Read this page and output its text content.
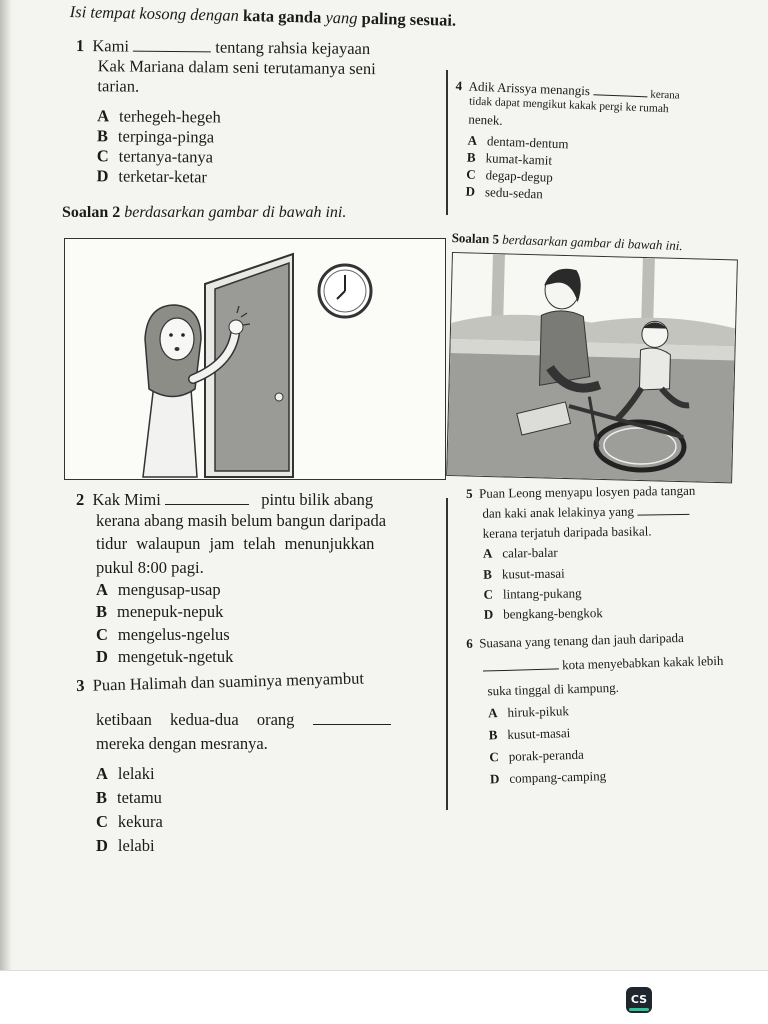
Isi tempat kosong dengan kata ganda yang paling sesuai.
1 Kami	tentang rahsia kejayaan
Kak Mariana dalam seni terutamanya seni
tarian.
A terhegeh-hegeh
B terpinga-pinga
C tertanya-tanya
D terketar-ketar
4 Adik Arissya menangis	kerana
tidak dapat mengikut kakak pergi ke rumah
nenek.
A dentam-dentum
B kumat-kamit
C degap-degup
D sedu-sedan
Soalan 2 berdasarkan gambar di bawah ini.
Soalan 5 berdasarkan gambar di bawah ini.
2 Kak Mimi	pintu bilik abang
kerana abang masih belum bangun daripada
tidur walaupun jam telah menunjukkan
pukul 8:00 pagi.
A mengusap-usap
B menepuk-nepuk
C mengelus-ngelus
D mengetuk-ngetuk
3 Puan Halimah dan suaminya menyambut
ketibaan kedua-dua orang
mereka dengan mesranya.
A lelaki
B tetamu
C kekura
D lelabi
5 Puan Leong menyapu losyen pada tangan
dan kaki anak lelakinya yang
kerana terjatuh daripada basikal.
A calar-balar
B kusut-masai
C lintang-pukang
D bengkang-bengkok
6 Suasana yang tenang dan jauh daripada
kota menyebabkan kakak lebih
suka tinggal di kampung.
A hiruk-pikuk
B kusut-masai
C porak-peranda
D compang-camping
CS
